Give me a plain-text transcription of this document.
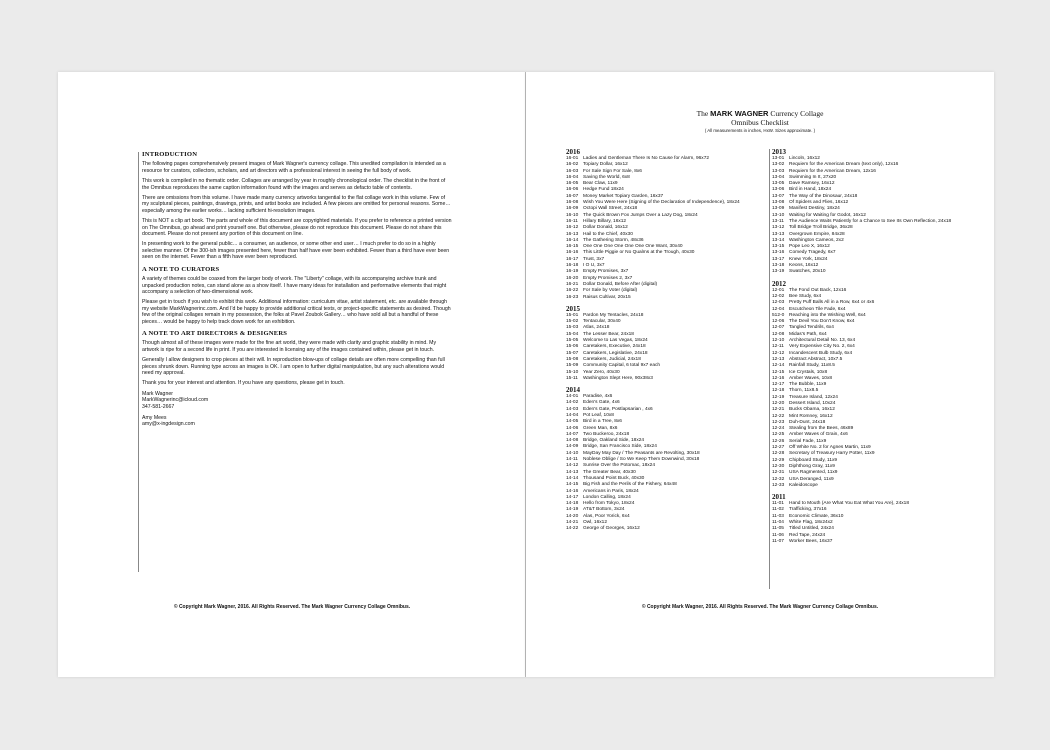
INTRODUCTION

The following pages comprehensively present images of Mark Wagner's currency collage. This unedited compilation is intended as a resource for curators, collectors, scholars, and art directors with a professional interest in seeing the full body of work.

This work is compiled in no thematic order. Collages are arranged by year in roughly chronological order. The checklist in the front of the Omnibus reproduces the same caption information found with the images and serves as defacto table of contents.

There are omissions from this volume. I have made many currency artworks tangential to the flat collage work in this volume. Few of my sculptural pieces, paintings, drawings, prints, and artist books are included. A few pieces are omitted for personal reasons. Some… especially among the earlier works… lacking sufficient hi-resolution images.

This is NOT a clip art book. The parts and whole of this document are copyrighted materials. If you prefer to reference a printed version on The Omnibus, go ahead and print yourself one. But otherwise, please do not reproduce this document. Please do not share this document. Please do not present any portion of this document on line.

In presenting work to the general public… a consumer, an audience, or some other end user… I much prefer to do so in a highly selective manner. Of the 300-ish images presented here, fewer than half have ever been exhibited. Fewer than a third have ever been seen on the internet. Fewer than a fifth have ever been reproduced.

A NOTE TO CURATORS

A variety of themes could be coaxed from the larger body of work. The "Liberty" collage, with its accompanying archive trunk and unpacked production notes, can stand alone as a show itself. I have many ideas for installation and performative elements that might accompany a selection of two-dimensional work.

Please get in touch if you wish to exhibit this work. Additional information: curriculum vitae, artist statement, etc. are available through my website MarkWagnerinc.com. And I'd be happy to provide additional critical texts, or project-specific statements as desired. Though few of the original collages remain in my possession, the folks at Pavel Zoubok Gallery… who have sold all but a handful of these pieces… would be happy to help track down work for an exhibition.

A NOTE TO ART DIRECTORS & DESIGNERS

Though almost all of these images were made for the fine art world, they were made with clarity and graphic stability in mind. My artwork is ripe for a second life in print. If you are interested in licensing any of the images contained within, please get in touch.

Generally I allow designers to crop pieces at their will. In reproduction blow-ups of collage details are often more compelling than full pieces shrunk down. Running type across an images is OK. I am open to further digital manipulation, but any such alterations would need my approval.

Thank you for your interest and attention. If you have any questions, please get in touch.

Mark Wagner
MarkWagnerinc@icloud.com
347-581-2667
Amy Mees
amy@x-ingdesign.com
© Copyright Mark Wagner, 2016. All Rights Reserved. The Mark Wagner Currency Collage Omnibus.
The MARK WAGNER Currency Collage
Omnibus Checklist
( All measurements in inches, HxW. Sizes approximate. )
2016
16-01 Ladies and Gentleman There Is No Cause for Alarm, 96x72
16-02 Topiary Dollar, 16x12
16-03 For Sale Sign For Sale, 8x6
16-04 Saving the World, 6x8
16-05 Bear Claw, 11x9
16-06 Hedge Fund 18x24
16-07 Money Market Topiary Garden, 16x37
16-08 Wish You Were Here (Signing of the Declaration of Independence), 18x24
16-09 Octopi Wall Street, 24x18
16-10 The Quick Brown Fox Jumps Over a Lazy Dog, 18x24
16-11	Hillary Billary, 16x12
16-12 Dollar Donald, 16x12
16-13 Hail to the Chief, 40x30
16-14 The Gathering Storm, 48x36
16-15 One One One One One One One Want, 30x40
16-16 This Little Piggie or No Qualms at the Trough, 40x30
16-17 Trust, 3x7
16-18 I O U, 3x7
16-19 Empty Promises, 3x7
16-20 Empty Promises 2, 3x7
16-21 Dollar Donald, Before After (digital)
16-22 For Sale by Voter (digital)
16-23 Raisus Cultivar, 20x15
2015
15-01 Pardon My Tentacles, 24x18
15-02 Tentacular, 30x40
15-03 Atlas, 24x18
15-04 The Lesser Bear, 24x18
15-05 Welcome to Las Vegas, 18x24
15-06 Caretakers, Executive, 24x18
15-07 Caretakers, Legislative, 24x18
15-08 Caretakers, Judicial, 24x18
15-09 Community Capital, 6 total 9x7 each
15-10 Year Zero, 40x30
15-11	Washington Slept Here, 90x38x3
2014
14-01 Paradise, 4x6
14-02 Eden's Gate, 4x6
14-03 Eden's Gate, Postlapsarian , 4x6
14-04 Pot Leaf, 10x8
14-05 Bird in a Tree, 8x6
14-06 Green Man, 8x6
14-07 Two Buckeroo, 24x18
14-08 Bridge, Oakland Side, 18x24
14-09 Bridge, San Francisco Side, 18x24
14-10 MayDay May Day / The Peasants are Revolting, 30x18
14-11	Noblese Oblige / So We Keep Them Downwind, 30x18
14-12 Sunrise Over the Potomac, 18x24
14-13 The Greater Bear, 40x30
14-14 Thousand Point Buck, 40x30
14-15 Big Fish and the Perils of the Fishery, 64x48
14-16 Americans in Paris, 18x24
14-17 London Calling, 18x24
14-18 Hello from Tokyo, 18x24
14-19 AT&T Bottom, 3x24
14-20 Alas, Poor Yorick, 6x4
14-21 Owl, 16x12
14-22 George of Georges, 16x12
2013
13-01 Lincoln, 16x12
13-02 Requiem for the American Dream (text only), 12x16
13-03 Requiem for the American Dream, 12x16
13-04 Swimming In It, 27x20
13-05 Dave Ramsey, 16x12
13-06 Bird in Hand, 18x24
13-07 The Way of the Dinosaur, 24x18
13-08 Of Spiders and Flies, 16x12
13-09 Manifest Destiny, 18x24
13-10 Waiting for Waiting for Godot, 16x12
13-11	The Audience Waits Patiently for a Chance to See Its Own Reflection, 24x18
13-12 Toll Bridge Troll Bridge, 36x28
13-13 Overgrown Empire, 84x28
13-14 Washington Cameos, 2x2
13-15 Pope Leo X, 16x12
13-16 Comedy Tragedy, 6x7
13-17 Knew York, 18x24
13-18 Keons, 16x12
13-19 Swatches, 20x10
2012
12-01 The Fond Out Back, 12x16
12-02 Bee Study, 6x4
12-03 Pretty Puff Balls All in a Row, 6x4 or 4x6
12-04 Escutcheon Tile Fade, 6x4
512-0 Reaching into the Wishing Well, 6x4
12-06 The Devil You Don't Know, 6x4
12-07 Tangled Tendrils, 6x4
12-08 Midas's Path, 6x4
12-10 Architectural Detail No. 13, 6x4
12-11	Very Expensive City No. 2, 6x4
12-12 Incandescent Bulb Study, 6x4
12-13 Abstract Abstract, 10x7.5
12-14 Rainfall Study, 11x8.5
12-15 Ice Crystals, 10x8
12-16 Amber Waves, 10x8
12-17 The Bubble, 11x9
12-18 Thorn, 11x8.5
12-19 Treasure Island, 12x24
12-20 Dessert Island, 10x24
12-21 Bucks Obama, 16x12
12-22 Mint Romney, 16x12
12-23 Duh-Dunt, 24x18
12-24 Stealing from the Bees, 46x89
12-25 Amber Waves of Grain, 4x6
12-26 Serial Fade, 11x9
12-27 Off White No. 2 for Agnes Martin, 11x9
12-28 Secretary of Treasury Harry Potter, 11x9
12-29 Chipboard Study, 11x9
12-30 Diphthong Gray, 11x9
12-31 USA Ragmented, 11x9
12-32 USA Deranged, 11x9
12-33 Kaleidoscope
2011
11-01	Hand to Mouth (Are What You Eat What You Are), 24x18
11-02	Trafficking, 37x16
11-03	Economic Climate, 36x10
11-04	White Flag, 18x24x2
11-05	Titled Untitled, 24x24
11-06	Red Tape, 24x24
11-07	Worker Bees, 16x37
© Copyright Mark Wagner, 2016. All Rights Reserved. The Mark Wagner Currency Collage Omnibus.
